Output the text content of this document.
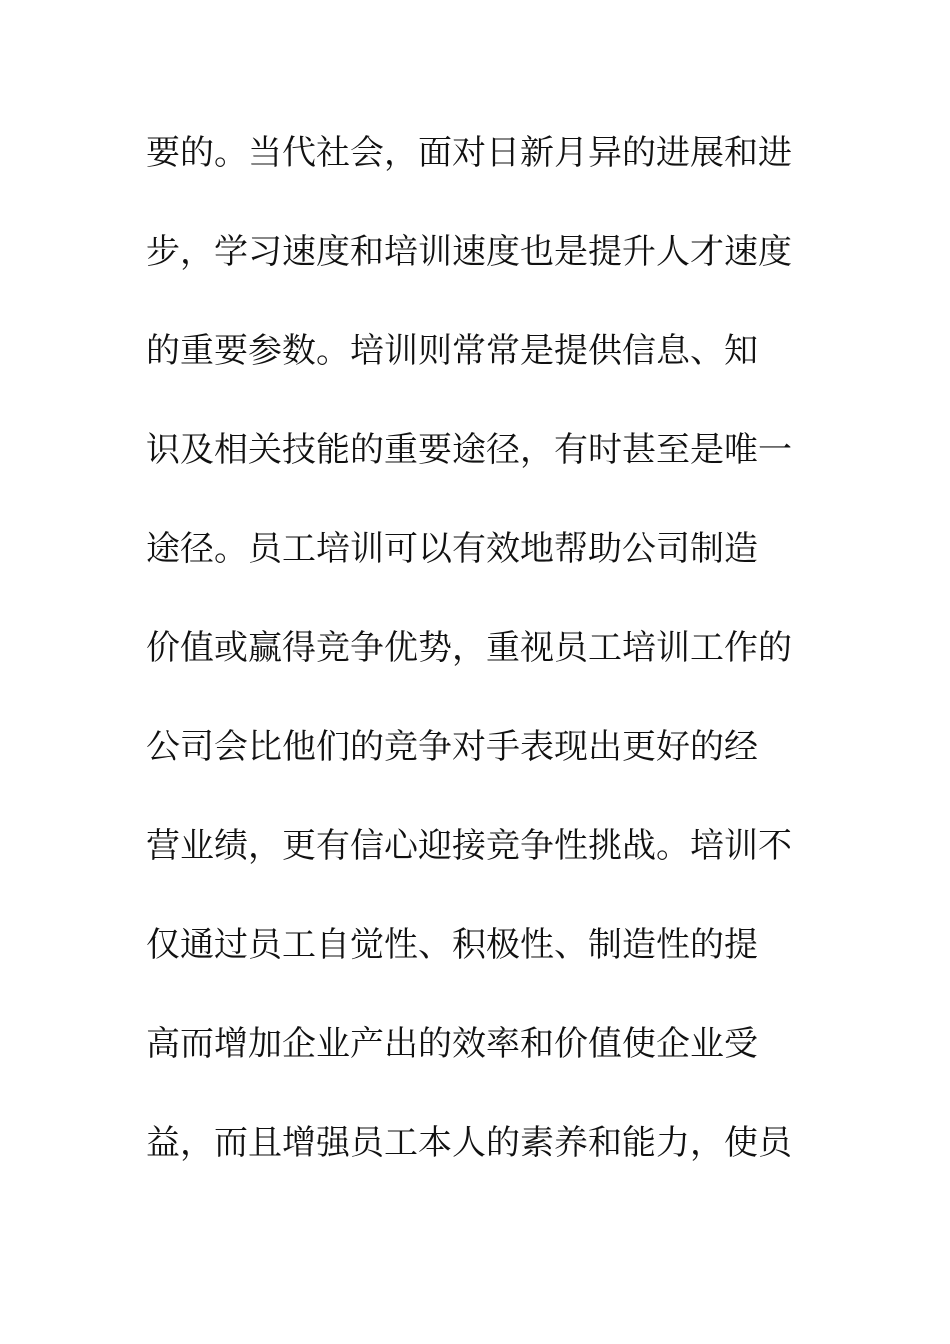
要的。当代社会，面对日新月异的进展和进
步，学习速度和培训速度也是提升人才速度
的重要参数。培训则常常是提供信息、知
识及相关技能的重要途径，有时甚至是唯一
途径。员工培训可以有效地帮助公司制造
价值或赢得竞争优势，重视员工培训工作的
公司会比他们的竞争对手表现出更好的经
营业绩，更有信心迎接竞争性挑战。培训不
仅通过员工自觉性、积极性、制造性的提
高而增加企业产出的效率和价值使企业受
益，而且增强员工本人的素养和能力，使员
